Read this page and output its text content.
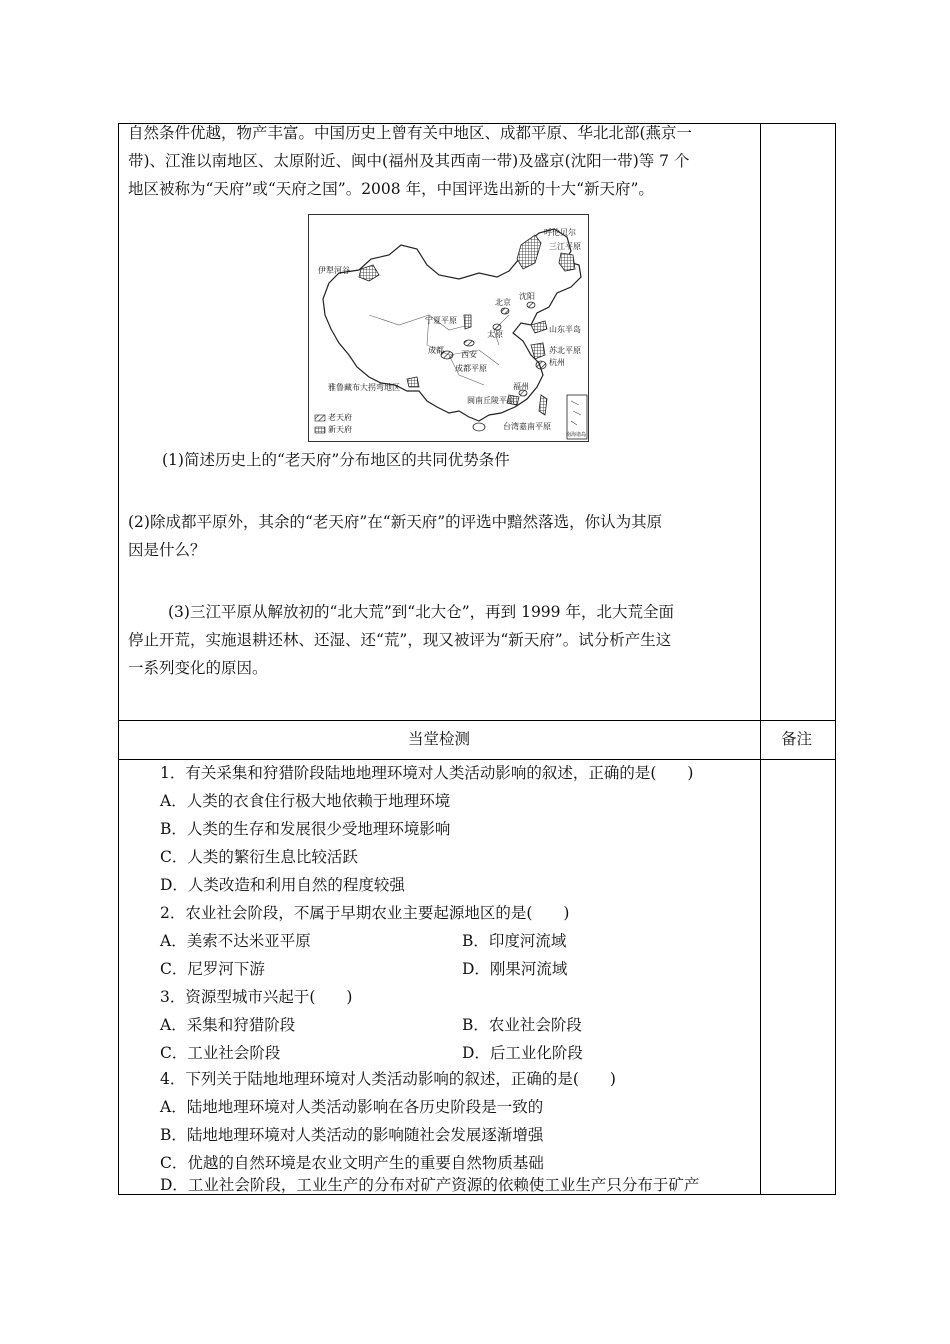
自然条件优越，物产丰富。中国历史上曾有关中地区、成都平原、华北北部(燕京一
带)、江淮以南地区、太原附近、闽中(福州及其西南一带)及盛京(沈阳一带)等 7 个
地区被称为“天府”或“天府之国”。2008 年，中国评选出新的十大“新天府”。
呼伦贝尔
三江平原
伊犁河谷
沈阳
北京
宁夏平原
太原
山东半岛
成都 西安
成都平原
苏北平原
杭州
雅鲁藏布大拐弯地区	福州
闽南丘陵平原
台湾嘉南平原
南海诸岛
老天府
新天府
(1)简述历史上的“老天府”分布地区的共同优势条件
(2)除成都平原外，其余的“老天府”在“新天府”的评选中黯然落选，你认为其原
因是什么？
(3)三江平原从解放初的“北大荒”到“北大仓”，再到 1999 年，北大荒全面
停止开荒，实施退耕还林、还湿、还“荒”，现又被评为“新天府”。试分析产生这
一系列变化的原因。
当堂检测	备注
1．有关采集和狩猎阶段陆地地理环境对人类活动影响的叙述，正确的是(　　)
A．人类的衣食住行极大地依赖于地理环境
B．人类的生存和发展很少受地理环境影响
C．人类的繁衍生息比较活跃
D．人类改造和利用自然的程度较强
2．农业社会阶段，不属于早期农业主要起源地区的是(　　)
A．美索不达米亚平原	B．印度河流域
C．尼罗河下游	D．刚果河流域
3．资源型城市兴起于(　　)
A．采集和狩猎阶段	B．农业社会阶段
C．工业社会阶段	D．后工业化阶段
4．下列关于陆地地理环境对人类活动影响的叙述，正确的是(　　)
A．陆地地理环境对人类活动影响在各历史阶段是一致的
B．陆地地理环境对人类活动的影响随社会发展逐渐增强
C．优越的自然环境是农业文明产生的重要自然物质基础
D．工业社会阶段，工业生产的分布对矿产资源的依赖使工业生产只分布于矿产
